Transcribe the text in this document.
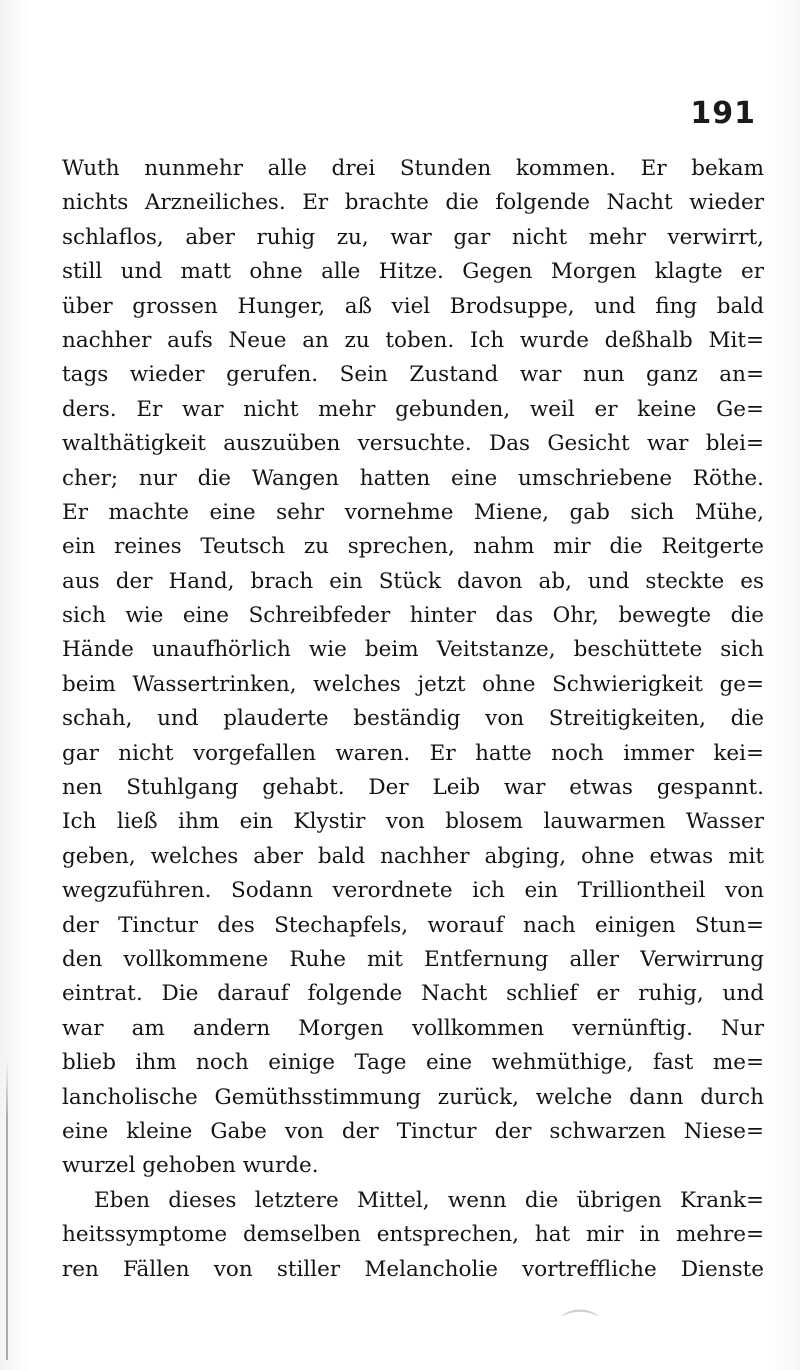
191
Wuth nunmehr alle drei Stunden kommen. Er bekam
nichts Arzneiliches. Er brachte die folgende Nacht wieder
schlaflos, aber ruhig zu, war gar nicht mehr verwirrt,
still und matt ohne alle Hitze. Gegen Morgen klagte er
über grossen Hunger, aß viel Brodsuppe, und fing bald
nachher aufs Neue an zu toben. Ich wurde deßhalb Mit=
tags wieder gerufen. Sein Zustand war nun ganz an=
ders. Er war nicht mehr gebunden, weil er keine Ge=
walthätigkeit auszuüben versuchte. Das Gesicht war blei=
cher; nur die Wangen hatten eine umschriebene Röthe.
Er machte eine sehr vornehme Miene, gab sich Mühe,
ein reines Teutsch zu sprechen, nahm mir die Reitgerte
aus der Hand, brach ein Stück davon ab, und steckte es
sich wie eine Schreibfeder hinter das Ohr, bewegte die
Hände unaufhörlich wie beim Veitstanze, beschüttete sich
beim Wassertrinken, welches jetzt ohne Schwierigkeit ge=
schah, und plauderte beständig von Streitigkeiten, die
gar nicht vorgefallen waren. Er hatte noch immer kei=
nen Stuhlgang gehabt. Der Leib war etwas gespannt.
Ich ließ ihm ein Klystir von blosem lauwarmen Wasser
geben, welches aber bald nachher abging, ohne etwas mit
wegzuführen. Sodann verordnete ich ein Trilliontheil von
der Tinctur des Stechapfels, worauf nach einigen Stun=
den vollkommene Ruhe mit Entfernung aller Verwirrung
eintrat. Die darauf folgende Nacht schlief er ruhig, und
war am andern Morgen vollkommen vernünftig. Nur
blieb ihm noch einige Tage eine wehmüthige, fast me=
lancholische Gemüthsstimmung zurück, welche dann durch
eine kleine Gabe von der Tinctur der schwarzen Niese=
wurzel gehoben wurde.
Eben dieses letztere Mittel, wenn die übrigen Krank=
heitssymptome demselben entsprechen, hat mir in mehre=
ren Fällen von stiller Melancholie vortreffliche Dienste
⌒
